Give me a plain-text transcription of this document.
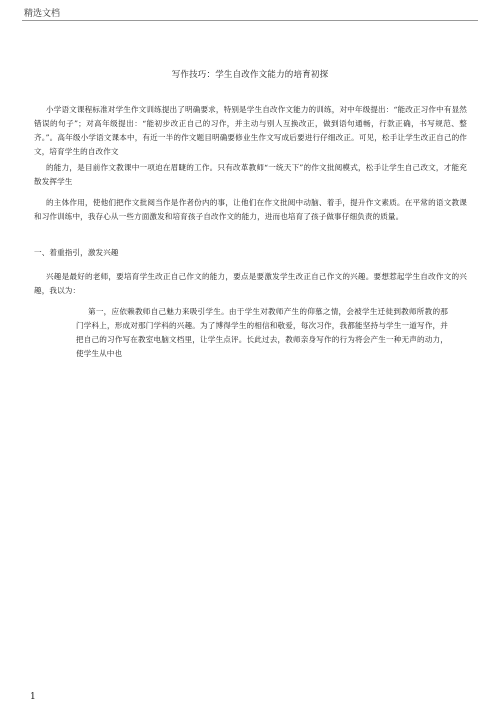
精选文档
写作技巧：学生自改作文能力的培育初探
小学语文课程标准对学生作文训练提出了明确要求，特别是学生自改作文能力的训练，对中年级提出：“能改正习作中有显然错误的句子”；对高年级提出：“能初步改正自己的习作，并主动与别人互换改正，做到语句通畅，行款正确，书写规范、整齐。”。高年级小学语文课本中，有近一半的作文题目明确要修业生作文写成后要进行仔细改正。可见，松手让学生改正自己的作文，培育学生的自改作文
的能力，是目前作文教课中一项迫在眉睫的工作。只有改革教师“一统天下”的作文批阅模式，松手让学生自己改文，才能充散发挥学生
的主体作用，使他们把作文批阅当作是作者份内的事，让他们在作文批阅中动脑、着手，提升作文素质。在平常的语文教课和习作训练中，我存心从一些方面激发和培育孩子自改作文的能力，进而也培育了孩子做事仔细负责的质量。
一、着重指引，激发兴趣
兴趣是最好的老师，要培育学生改正自己作文的能力，要点是要激发学生改正自己作文的兴趣。要想惹起学生自改作文的兴趣，我以为：
第一，应依赖教师自己魅力来吸引学生。由于学生对教师产生的仰慕之情，会被学生迁徙到教师所教的那门学科上，形成对那门学科的兴趣。为了博得学生的相信和敬爱，每次习作，我都能坚持与学生一道写作，并把自己的习作写在教室电脑文档里，让学生点评。长此过去，教师亲身写作的行为将会产生一种无声的动力，使学生从中也
1
